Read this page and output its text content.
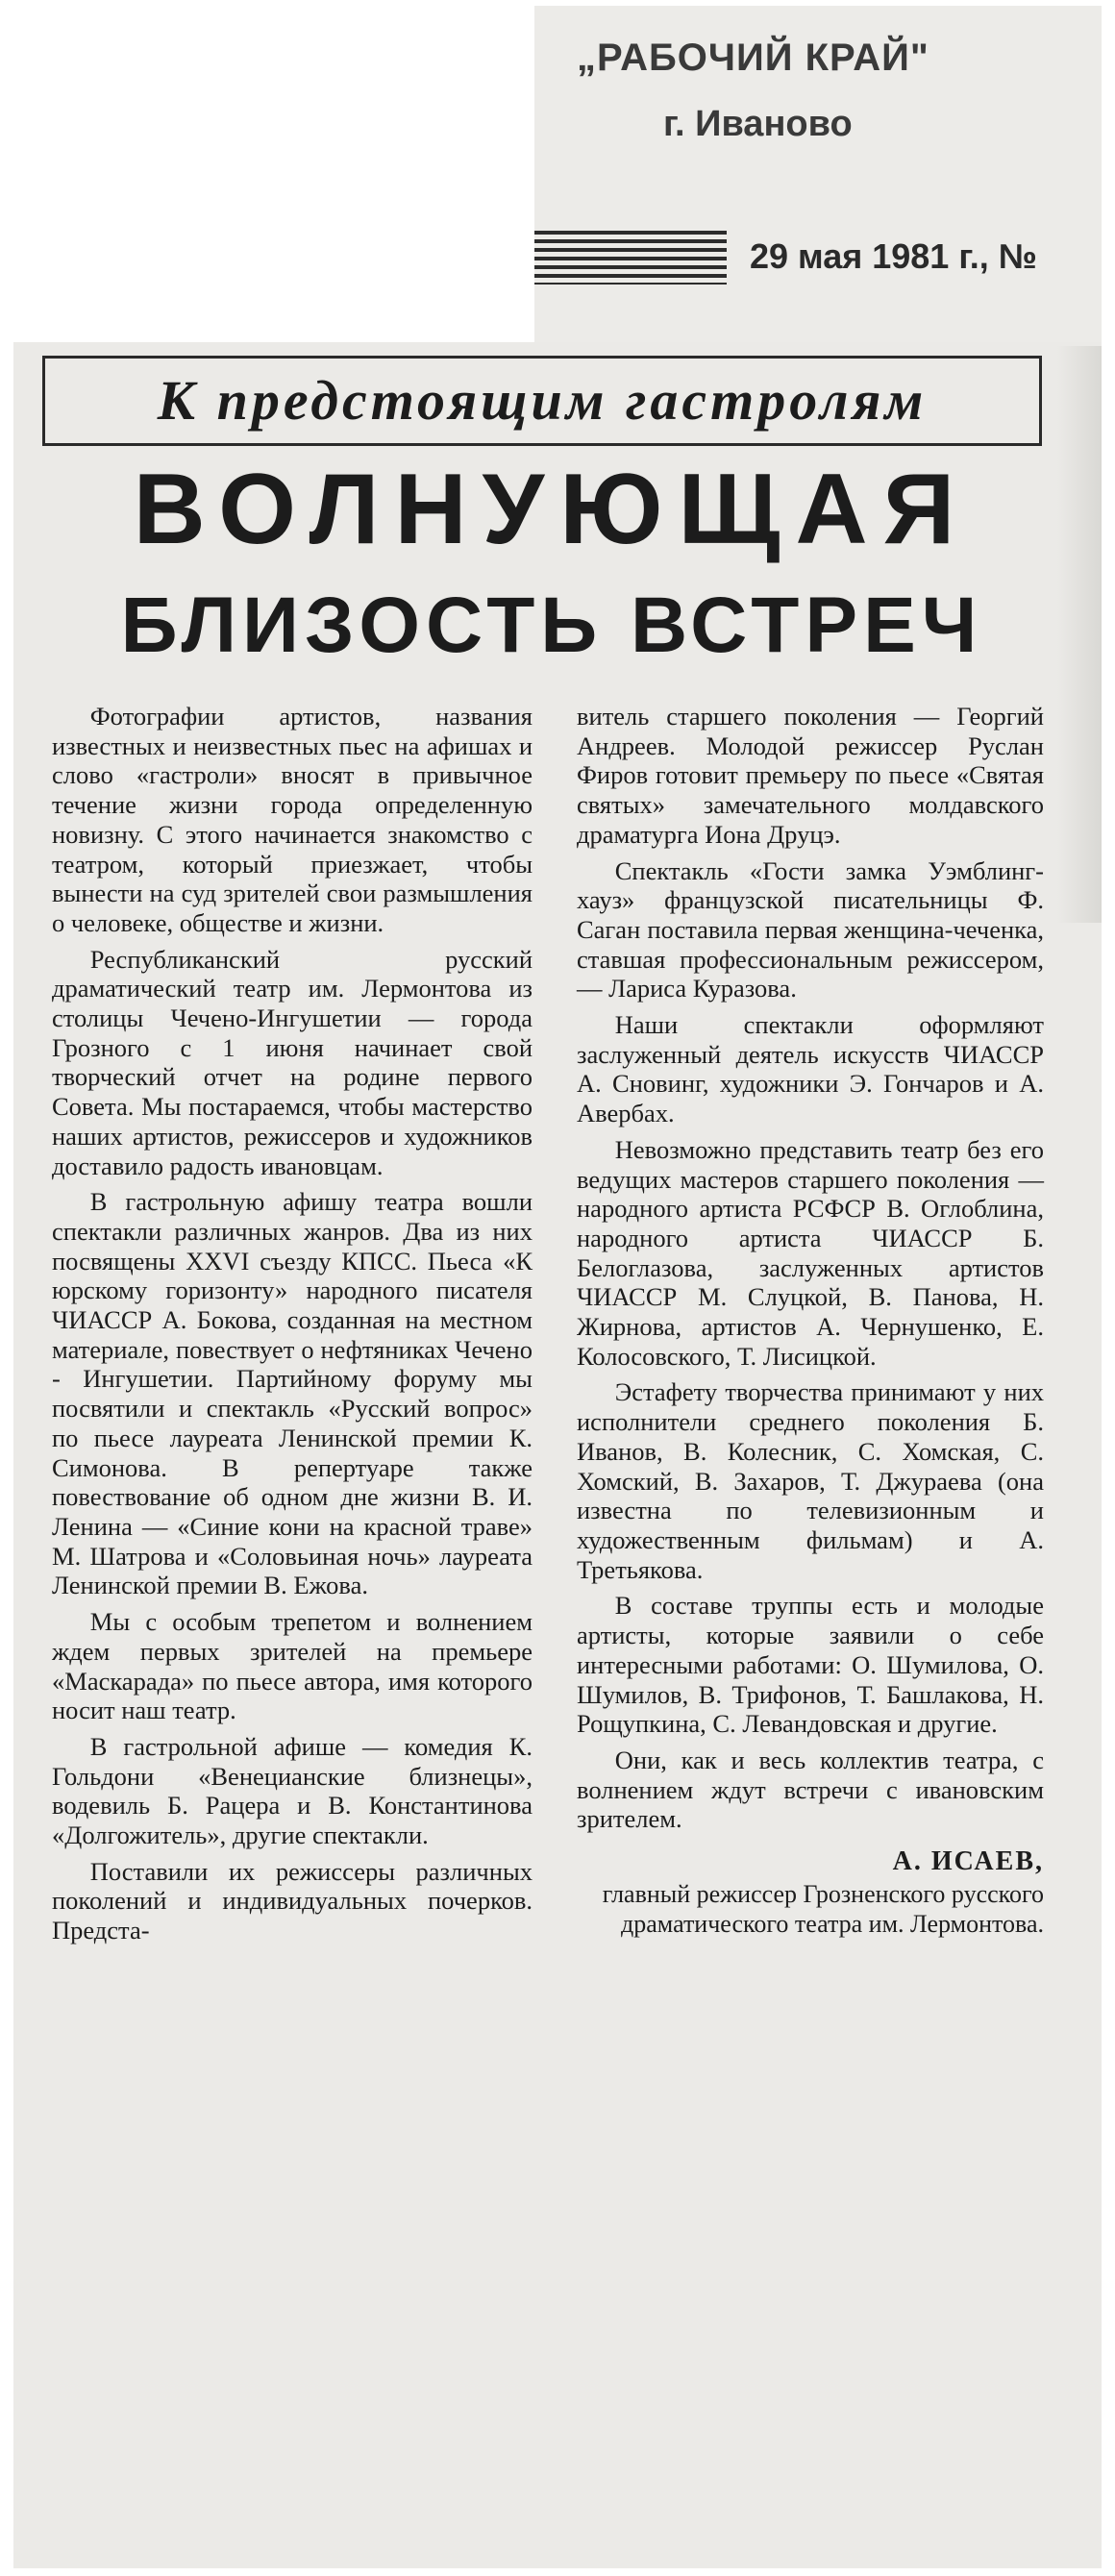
„РАБОЧИЙ КРАЙ"
г. Иваново
29 мая 1981 г., №
К предстоящим гастролям
ВОЛНУЮЩАЯ
БЛИЗОСТЬ ВСТРЕЧ

Фотографии артистов, названия известных и неизвестных пьес на афишах и слово «гастроли» вносят в привычное течение жизни города определенную новизну. С этого начинается знакомство с театром, который приезжает, чтобы вынести на суд зрителей свои размышления о человеке, обществе и жизни.

Республиканский русский драматический театр им. Лермонтова из столицы Чечено-Ингушетии — города Грозного с 1 июня начинает свой творческий отчет на родине первого Совета. Мы постараемся, чтобы мастерство наших артистов, режиссеров и художников доставило радость ивановцам.

В гастрольную афишу театра вошли спектакли различных жанров. Два из них посвящены XXVI съезду КПСС. Пьеса «К юрскому горизонту» народного писателя ЧИАССР А. Бокова, созданная на местном материале, повествует о нефтяниках Чечено - Ингушетии. Партийному форуму мы посвятили и спектакль «Русский вопрос» по пьесе лауреата Ленинской премии К. Симонова. В репертуаре также повествование об одном дне жизни В. И. Ленина — «Синие кони на красной траве» М. Шатрова и «Соловьиная ночь» лауреата Ленинской премии В. Ежова.

Мы с особым трепетом и волнением ждем первых зрителей на премьере «Маскарада» по пьесе автора, имя которого носит наш театр.

В гастрольной афише — комедия К. Гольдони «Венецианские близнецы», водевиль Б. Рацера и В. Константинова «Долгожитель», другие спектакли.

Поставили их режиссеры различных поколений и индивидуальных почерков. Предста-

витель старшего поколения — Георгий Андреев. Молодой режиссер Руслан Фиров готовит премьеру по пьесе «Святая святых» замечательного молдавского драматурга Иона Друцэ.

Спектакль «Гости замка Уэмблинг-хауз» французской писательницы Ф. Саган поставила первая женщина-чеченка, ставшая профессиональным режиссером,— Лариса Куразова.

Наши спектакли оформляют заслуженный деятель искусств ЧИАССР А. Сновинг, художники Э. Гончаров и А. Авербах.

Невозможно представить театр без его ведущих мастеров старшего поколения — народного артиста РСФСР В. Оглоблина, народного артиста ЧИАССР Б. Белоглазова, заслуженных артистов ЧИАССР М. Слуцкой, В. Панова, Н. Жирнова, артистов А. Чернушенко, Е. Колосовского, Т. Лисицкой.

Эстафету творчества принимают у них исполнители среднего поколения Б. Иванов, В. Колесник, С. Хомская, С. Хомский, В. Захаров, Т. Джураева (она известна по телевизионным и художественным фильмам) и А. Третьякова.

В составе труппы есть и молодые артисты, которые заявили о себе интересными работами: О. Шумилова, О. Шумилов, В. Трифонов, Т. Башлакова, Н. Рощупкина, С. Левандовская и другие.

Они, как и весь коллектив театра, с волнением ждут встречи с ивановским зрителем.

А. ИСАЕВ,
главный режиссер Грозненского русского драматического театра им. Лермонтова.
